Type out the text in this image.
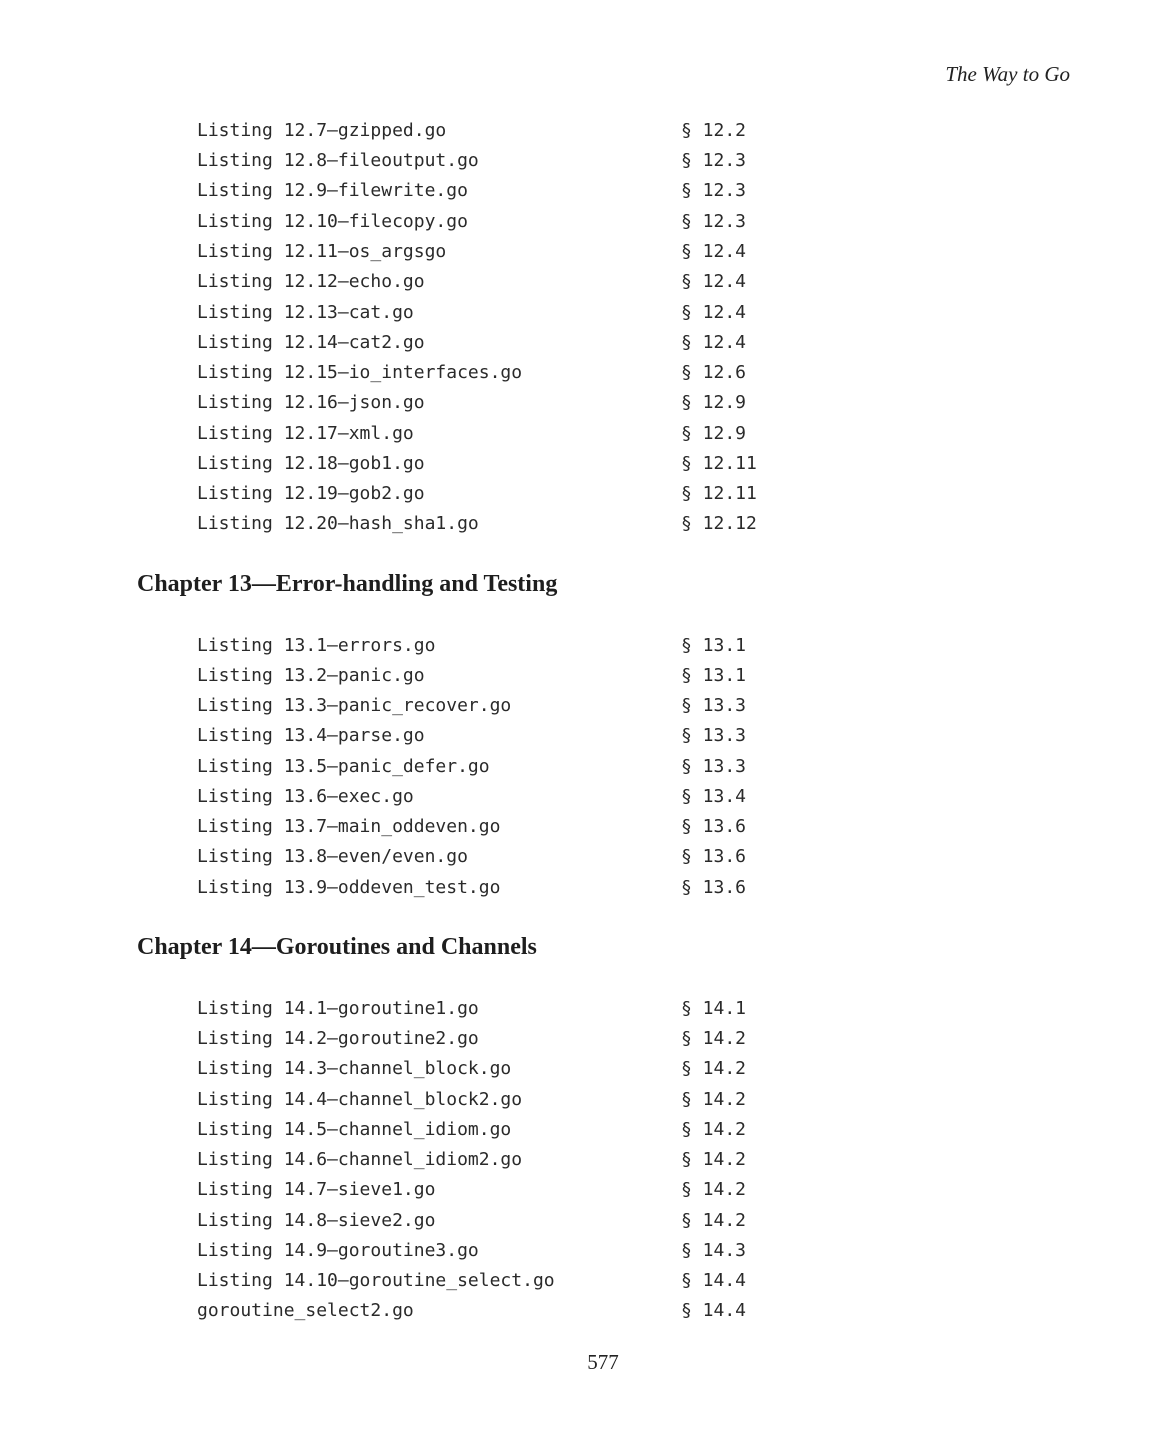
The Way to Go
Listing 12.7—gzipped.go	§ 12.2
Listing 12.8—fileoutput.go	§ 12.3
Listing 12.9—filewrite.go	§ 12.3
Listing 12.10—filecopy.go	§ 12.3
Listing 12.11—os_argsgo	§ 12.4
Listing 12.12—echo.go	§ 12.4
Listing 12.13—cat.go	§ 12.4
Listing 12.14—cat2.go	§ 12.4
Listing 12.15—io_interfaces.go	§ 12.6
Listing 12.16—json.go	§ 12.9
Listing 12.17—xml.go	§ 12.9
Listing 12.18—gob1.go	§ 12.11
Listing 12.19—gob2.go	§ 12.11
Listing 12.20—hash_sha1.go	§ 12.12
Chapter 13—Error-handling and Testing
Listing 13.1—errors.go	§ 13.1
Listing 13.2—panic.go	§ 13.1
Listing 13.3—panic_recover.go	§ 13.3
Listing 13.4—parse.go	§ 13.3
Listing 13.5—panic_defer.go	§ 13.3
Listing 13.6—exec.go	§ 13.4
Listing 13.7—main_oddeven.go	§ 13.6
Listing 13.8—even/even.go	§ 13.6
Listing 13.9—oddeven_test.go	§ 13.6
Chapter 14—Goroutines and Channels
Listing 14.1—goroutine1.go	§ 14.1
Listing 14.2—goroutine2.go	§ 14.2
Listing 14.3—channel_block.go	§ 14.2
Listing 14.4—channel_block2.go	§ 14.2
Listing 14.5—channel_idiom.go	§ 14.2
Listing 14.6—channel_idiom2.go	§ 14.2
Listing 14.7—sieve1.go	§ 14.2
Listing 14.8—sieve2.go	§ 14.2
Listing 14.9—goroutine3.go	§ 14.3
Listing 14.10—goroutine_select.go	§ 14.4
goroutine_select2.go	§ 14.4
577
